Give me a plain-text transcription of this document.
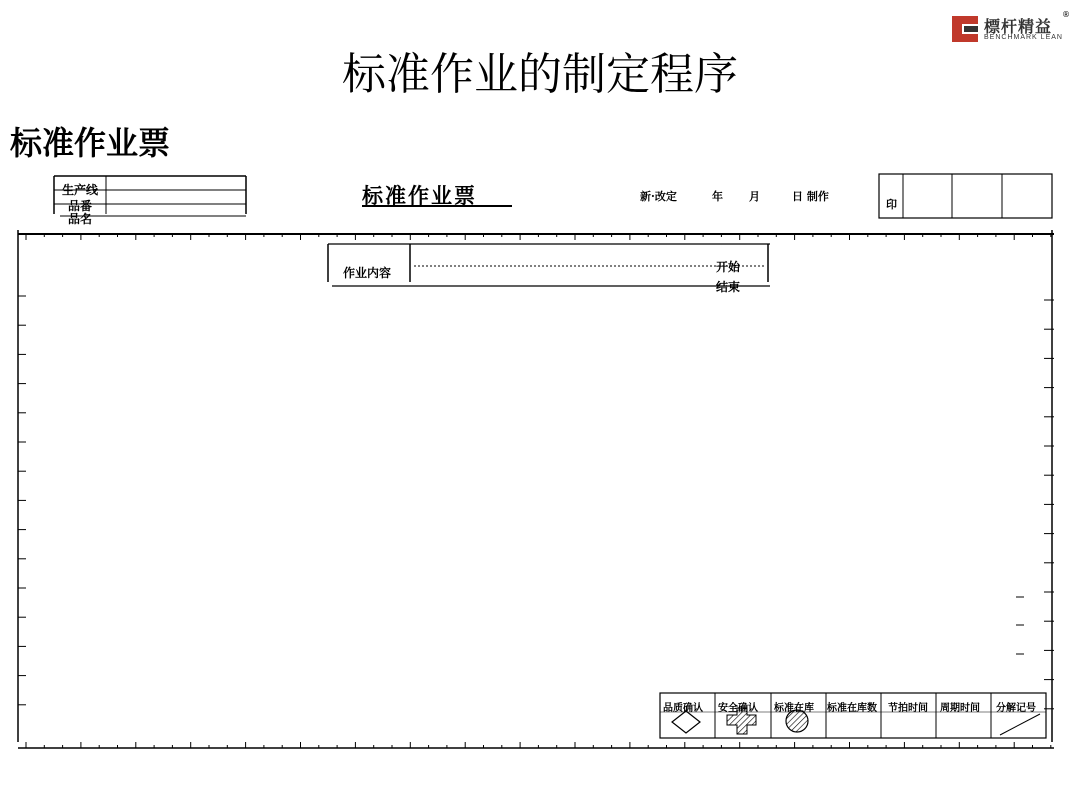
標杆精益
BENCHMARK LEAN
®
标准作业的制定程序
标准作业票
生产线
品番
品名
标准作业票	新·改定	年 月	日 制作
印
作业内容	开始
结束
品质确认 安全确认 标准在库 标准在库数 节拍时间 周期时间 分解记号
